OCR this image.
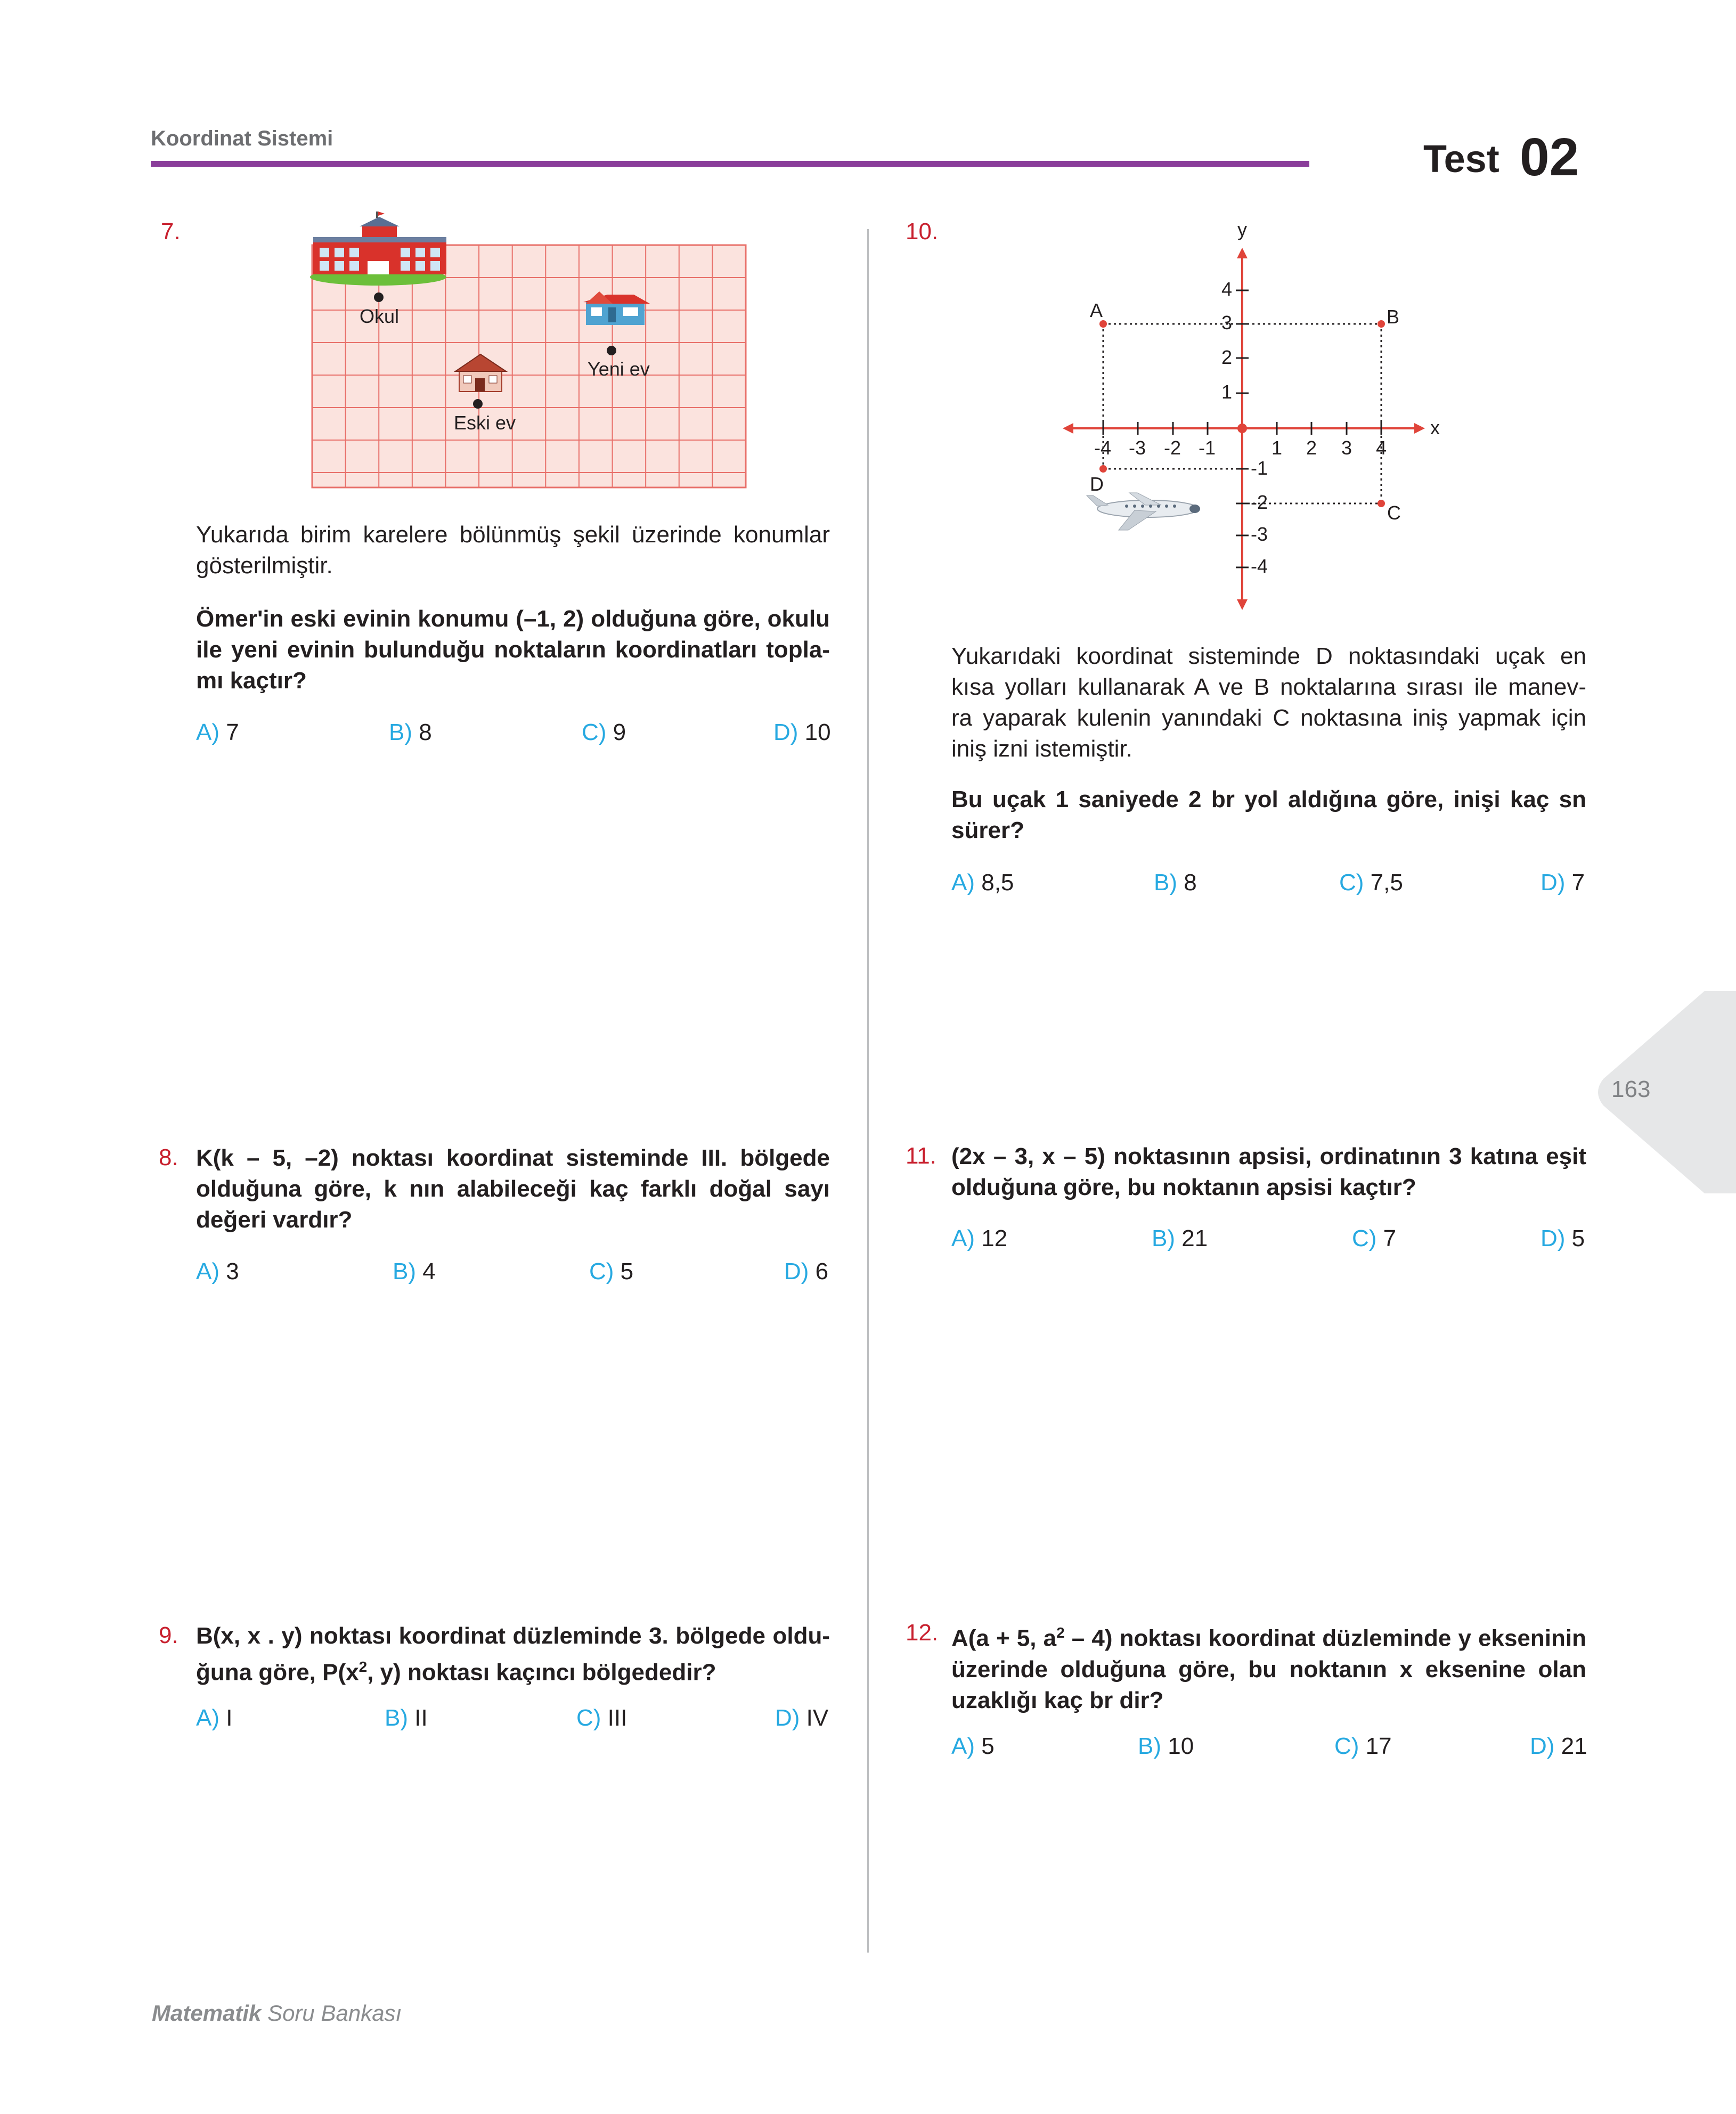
Koordinat Sistemi	Test 02
7.
Okul
Yeni ev
Eski ev
Yukarıda birim karelere bölünmüş şekil üzerinde konumlar
gösterilmiştir.
Ömer'in eski evinin konumu (–1, 2) olduğuna göre, okulu
ile yeni evinin bulunduğu noktaların koordinatları topla-
mı kaçtır?
A) 7	B) 8	C) 9	D) 10
8. K(k – 5, –2) noktası koordinat sisteminde III. bölgede
olduğuna göre, k nın alabileceği kaç farklı doğal sayı
değeri vardır?
A) 3	B) 4	C) 5	D) 6
9. B(x, x . y) noktası koordinat düzleminde 3. bölgede oldu-
ğuna göre, $P(x^2$, y) noktası kaçıncı bölgededir?
A) I	B) II	C) III	D) IV
10.	y
x
-4 -3 -2 -1	1 2 3 4
4
3
2
1
-1
-2
-3
-4
A	B
C
D
Yukarıdaki koordinat sisteminde D noktasındaki uçak en
kısa yolları kullanarak A ve B noktalarına sırası ile manev-
ra yaparak kulenin yanındaki C noktasına iniş yapmak için
iniş izni istemiştir.
Bu uçak 1 saniyede 2 br yol aldığına göre, inişi kaç sn
sürer?
A) 8,5	B) 8	C) 7,5	D) 7
11. (2x – 3, x – 5) noktasının apsisi, ordinatının 3 katına eşit
olduğuna göre, bu noktanın apsisi kaçtır?
A) 12	B) 21	C) 7	D) 5
12. A(a + 5, $a^2 - 4$) noktası koordinat düzleminde y ekseninin
üzerinde olduğuna göre, bu noktanın x eksenine olan
uzaklığı kaç br dir?
A) 5	B) 10	C) 17	D) 21
Matematik Soru Bankası
163
